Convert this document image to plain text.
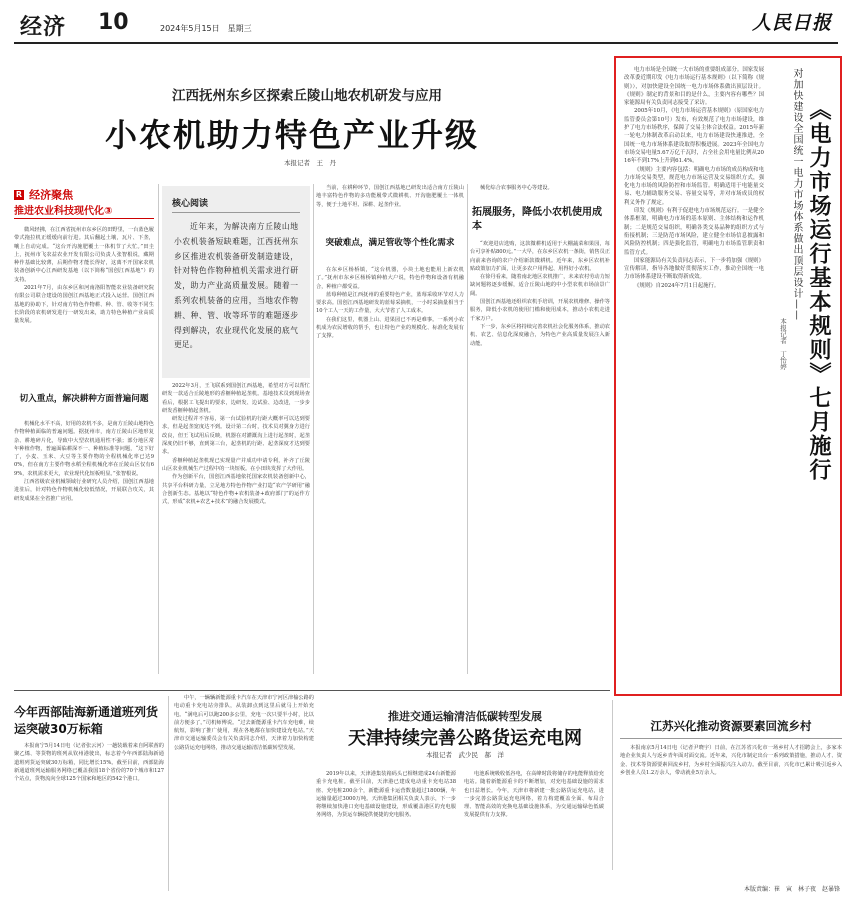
经济 10	2024年5月15日　星期三	人民日报
江西抚州东乡区探索丘陵山地农机研发与应用
小农机助力特色产业升级
本报记者　王　丹
R 经济聚焦
推进农业科技现代化③
核心阅读
近年来，为解决南方丘陵山地小农机装备短缺难题，江西抚州东乡区推进农机装备研发制造建设，针对特色作物种植机关需求进行研发，助力产业高质量发展。随着一系列农机装备的应用，当地农作物耕、种、管、收等环节的难题逐步得到解决，农业现代化发展的底气更足。

微风轻拂，在江西省抚州市东乡区的田野里，一台蓝色履带式拖拉机正缓缓向前行进。其后翻起土壤，瓦片、下垄，嚷上自动完成。“这台开沟施肥覆土一体机节了大忙。”田圭上，抚州市飞农益农业开发有限公司负责人张智根说，藏期种作基础比较薄，后期作物才能长得好，这离不开国家农机装备创新中心江西研发基地（以下简称“国创江西基地”）的支持。

2021年7月，由东乡区和河南洛阳智能农业装备研究院有限公司联合建设的国创江西基地正式投入运营。国创江西基地的协助下，针对南方特色作物耕、种、管、收等不同生长阶段的农机研发进行一研发出来，助力特色种植产业高质量发展。

切入重点，解决耕种方面普遍问题

机械化水平不高，好用的农机不多，是南方丘陵山地特色作物种植面临的普遍问题。据抚州市，南方丘陵山区地形复杂、耕地碎片化，导致中大型农机通用性不强；部分地区常年种植作物，普遍面临耕深不一、种植标准等问题，“这下好了，小麦、玉米、大豆等主要作物的全程机械化率已达90%，但在南方主要作物水稻全程机械化率在丘陵山区仅有69%，农机需求更大，农业现代化短板明显。”张智根说。

江西省级农业机械领域行业研究人员介绍，国创江西基地进驻后，针对特色作物机械化较低情况，开展联合攻关，其研发成果在全省推广应用。

2022年3月，王飞联系到国创江西基地，希望对方可以帮忙研发一款适合丘陵地形的香榧种植起垄机。基地技术员到现场查看后，根据工飞提出的要求，边研发、边试验、边改进，一步步研发香榧种植起垄机。

研发过程并不容易，第一台试验机的行距大概率可以达到要求，但是起垄宽度达不到。设计第二台时，技术员对翼身方进行改良，但王飞试用后反映，机器在对灌溉沟上进行起垄时，起垄深度仍旧不够，直到第三台，起垄机的行距、起垄深度才达到要求。

香榧种植起垄机现已实现量产并成功申请专利，补齐了丘陵山区农业机械生产过程中的一块短板。在小田块发挥了大作用。

作为创新平台，国创江西基地依托国家农机装备创新中心，共享平台科研力量，立足地方特色作物产业打造“农产学研用”融合创新生态。基地以“特色作物+农机装备+政府部门”的运作方式，形成“农机+农艺+技术”的融合发展模式。

当前，在耕种环节，国创江西基地已研发出适合南方丘陵山地丰富特色作物的多功能履带式微耕机、开沟施肥覆土一体机等，便于土地平坦、深耕、起垄作业。

突破难点，满足管收等个性化需求

在东乡区杨桥镇，“这台机器，小块土地也能用上新农机了。”抚州市东乡区杨桥镇种植大户说，特色作物和设备有机融合，种植户都受益。

蓝莓种植是江西抚州的重要特色产业，蓝莓采收环节对人力要求高。国创江西基地研发的蓝莓采摘机，一小时采摘量相当于10个工人一天的工作量，大大节省了人工成本。

在我们这里，机器上山、进果园已不再是难事。一系列小农机成为农民增收的帮手，也让特色产业的规模化、标准化发展有了支撑。

械化综合农事服务中心等建设。

拓展服务，降低小农机使用成本

“欢迎进店选购，这款微耕机适用于大棚蔬菜和果园，每台可享补贴800元。”一大早，在东乡区农机一条街，销售员正向前来咨询的农户介绍新款微耕机。近年来，东乡区农机补贴政策加力扩面，让更多农户用得起、用得好小农机。

在徐丹看来，随着南北地区农机推广，未来农村劳动力短缺问题将逐步缓解，适合丘陵山地的中小型农机市场前景广阔。

国创江西基地还组织农机手培训，开展农机维修、操作等服务，降低小农机的使用门槛和使用成本，推动小农机走进千家万户。

下一步，东乡区将持续完善农机社会化服务体系，推动农机、农艺、信息化深度融合，为特色产业高质量发展注入新动能。	《电力市场运行基本规则》七月施行
对加快建设全国统一电力市场体系做出顶层设计——
本报记者　丁怡婷

电力市场是全国统一大市场的重要组成部分。国家发展改革委近期印发《电力市场运行基本规则》（以下简称《规则》），对加快建设全国统一电力市场体系做出顶层设计。《规则》制定的背景和目的是什么，主要内容有哪些？国家能源局有关负责同志接受了采访。

2005年10月，《电力市场运营基本规则》（原国家电力监管委员会第10号）发布，有效规范了电力市场建设，维护了电力市场秩序，保障了交易主体合法权益。2015年新一轮电力体制改革启动以来，电力市场建设快速推进，全国统一电力市场体系建设取得积极进展。2023年全国电力市场交易电量5.67万亿千瓦时，占全社会用电量比例从2016年不到17%上升到61.4%。

《规则》主要内容包括：明确电力市场的成员构成和电力市场交易类型，规范电力市场运营及交易组织方式，强化电力市场的风险防控和市场监管。明确适用于电能量交易、电力辅助服务交易、容量交易等，并对市场成员的权利义务作了规定。

印发《规则》有利于促进电力市场规范运行。一是健全体系框架，明确电力市场的基本原则、主体结构和运作机制；二是规范交易组织，明确各类交易品种的组织方式与衔接机制；三是防范市场风险，建立健全市场信息披露和风险防控机制；四是强化监管，明确电力市场监管职责和监管方式。

国家能源局有关负责同志表示，下一步将加强《规则》宣传解读，指导各地做好贯彻落实工作，推动全国统一电力市场体系建设不断取得新成效。

《规则》自2024年7月1日起施行。

今年西部陆海新通道班列货运突破30万标箱

本报南宁5月14日电（记者张云河）一趟装载着来自阿联酋的聚乙烯、等货物的班列从钦州港驶出，标志着今年西部陆海新通道班列货运突破30万标箱，同比增长15%。截至目前，西部陆海新通道班列运输服务网络已覆盖我国18个省份的70个城市和127个站点，货物流向全球125个国家和地区的542个港口。

中午，一辆辆新能源重卡汽车在天津市宁河区津榆公路的电动重卡充电站旁排队，从装卸点到这里后就马上开始充电。“满电后可以跑200多公里，充电一次只要半小时，比以前方便多了。”司机师傅说。“过去新能源重卡汽车充电难，续航短，影响了推广使用，现在各地都在加快建设充电站。”天津市交通运输委员会有关负责同志介绍，天津着力加快构建公路货运充电网络，推动交通运输清洁低碳转型发展。

推进交通运输清洁低碳转型发展
天津持续完善公路货运充电网
本报记者　武少民　郝　洋

2019年以来，天津港集装箱码头已相继建成24台新能源重卡充电桩。截至目前，天津港已建成电动重卡充电站38座、充电桩200余个，新能源重卡运营数量超过1800辆，年运输量超过3000万吨。天津港集团相关负责人表示，下一步将继续加快港口充电基础设施建设，形成覆盖港区的充电服务网络，为货运车辆提供便捷的充电服务。

电池系统吸收低谷电，在高峰时段将储存的电能释放给充电站。随着新能源重卡的不断增加，对充电基础设施的需求也日益增长。今年，天津市将新建一批公路货运充电站，进一步完善公路货运充电网络，着力构建覆盖全面、布局合理、智能高效的充换电基础设施体系，为交通运输绿色低碳发展提供有力支撑。

江苏兴化推动资源要素回流乡村

本报南京5月14日电（记者尹晓宇）日前，在江苏省兴化市一场乡村人才招聘会上，多家本地企业负责人与返乡青年面对面交流。近年来，兴化市制定出台一系列政策措施，推动人才、资金、技术等资源要素回流乡村，为乡村全面振兴注入动力。截至目前，兴化市已累计吸引返乡入乡创业人员1.2万余人，带动就业5万余人。

本版责编：崔　寅　林子夜　赵暴锋
